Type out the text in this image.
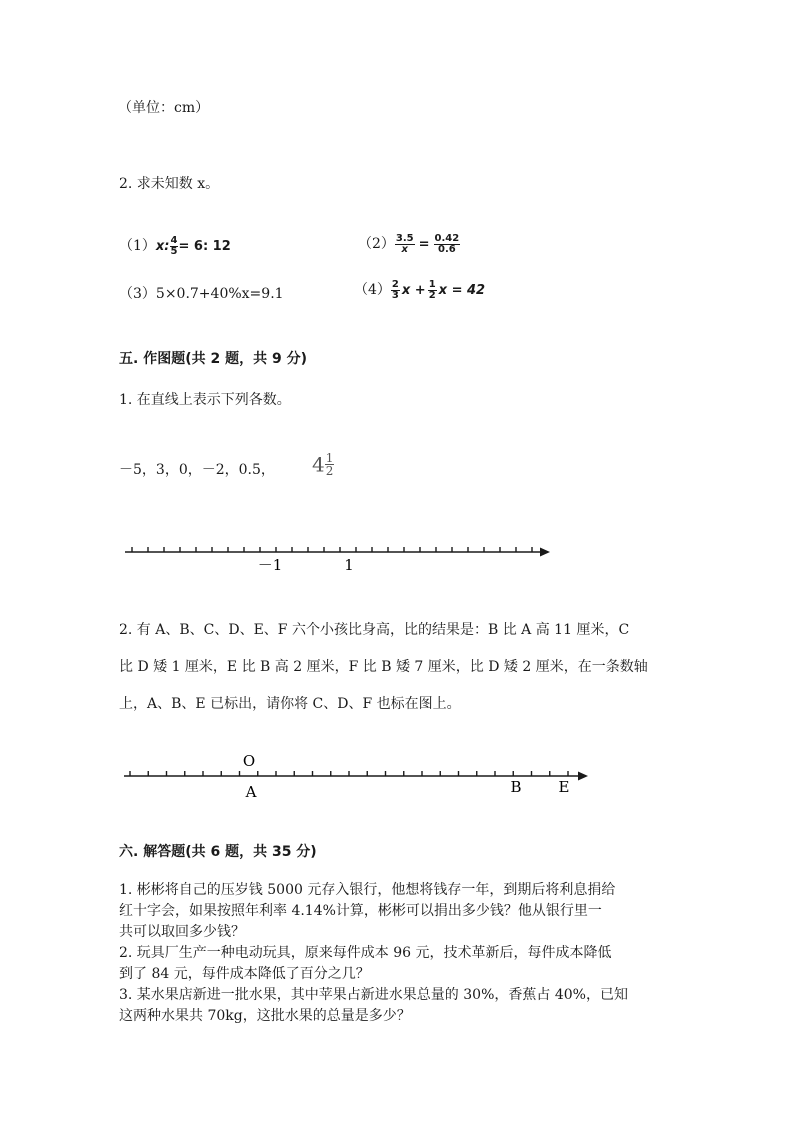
（单位：cm）
2. 求未知数 x。
（1）x: $\frac{4}{5} = 6$: 12	$(2) \frac{3.5}{x} = \frac{0.42}{0.6}$
（3）5×0.7+40%x=9.1	$(4) \frac{2}{3}$ $x + \frac{1}{2}$ x = 42
五. 作图题(共 2 题，共 9 分)
1. 在直线上表示下列各数。
－5，3，0，－2，0.5， $4 \frac{1}{2}$
－1	1
2. 有 A、B、C、D、E、F 六个小孩比身高，比的结果是：B 比 A 高 11 厘米，C
比 D 矮 1 厘米，E 比 B 高 2 厘米，F 比 B 矮 7 厘米，比 D 矮 2 厘米，在一条数轴
上，A、B、E 已标出，请你将 C、D、F 也标在图上。
O
A	B E
六. 解答题(共 6 题，共 35 分)
1. 彬彬将自己的压岁钱 5000 元存入银行，他想将钱存一年，到期后将利息捐给
红十字会，如果按照年利率 4.14%计算，彬彬可以捐出多少钱？他从银行里一
共可以取回多少钱？
2. 玩具厂生产一种电动玩具，原来每件成本 96 元，技术革新后，每件成本降低
到了 84 元，每件成本降低了百分之几？
3. 某水果店新进一批水果，其中苹果占新进水果总量的 30%，香蕉占 40%，已知
这两种水果共 70kg，这批水果的总量是多少？
